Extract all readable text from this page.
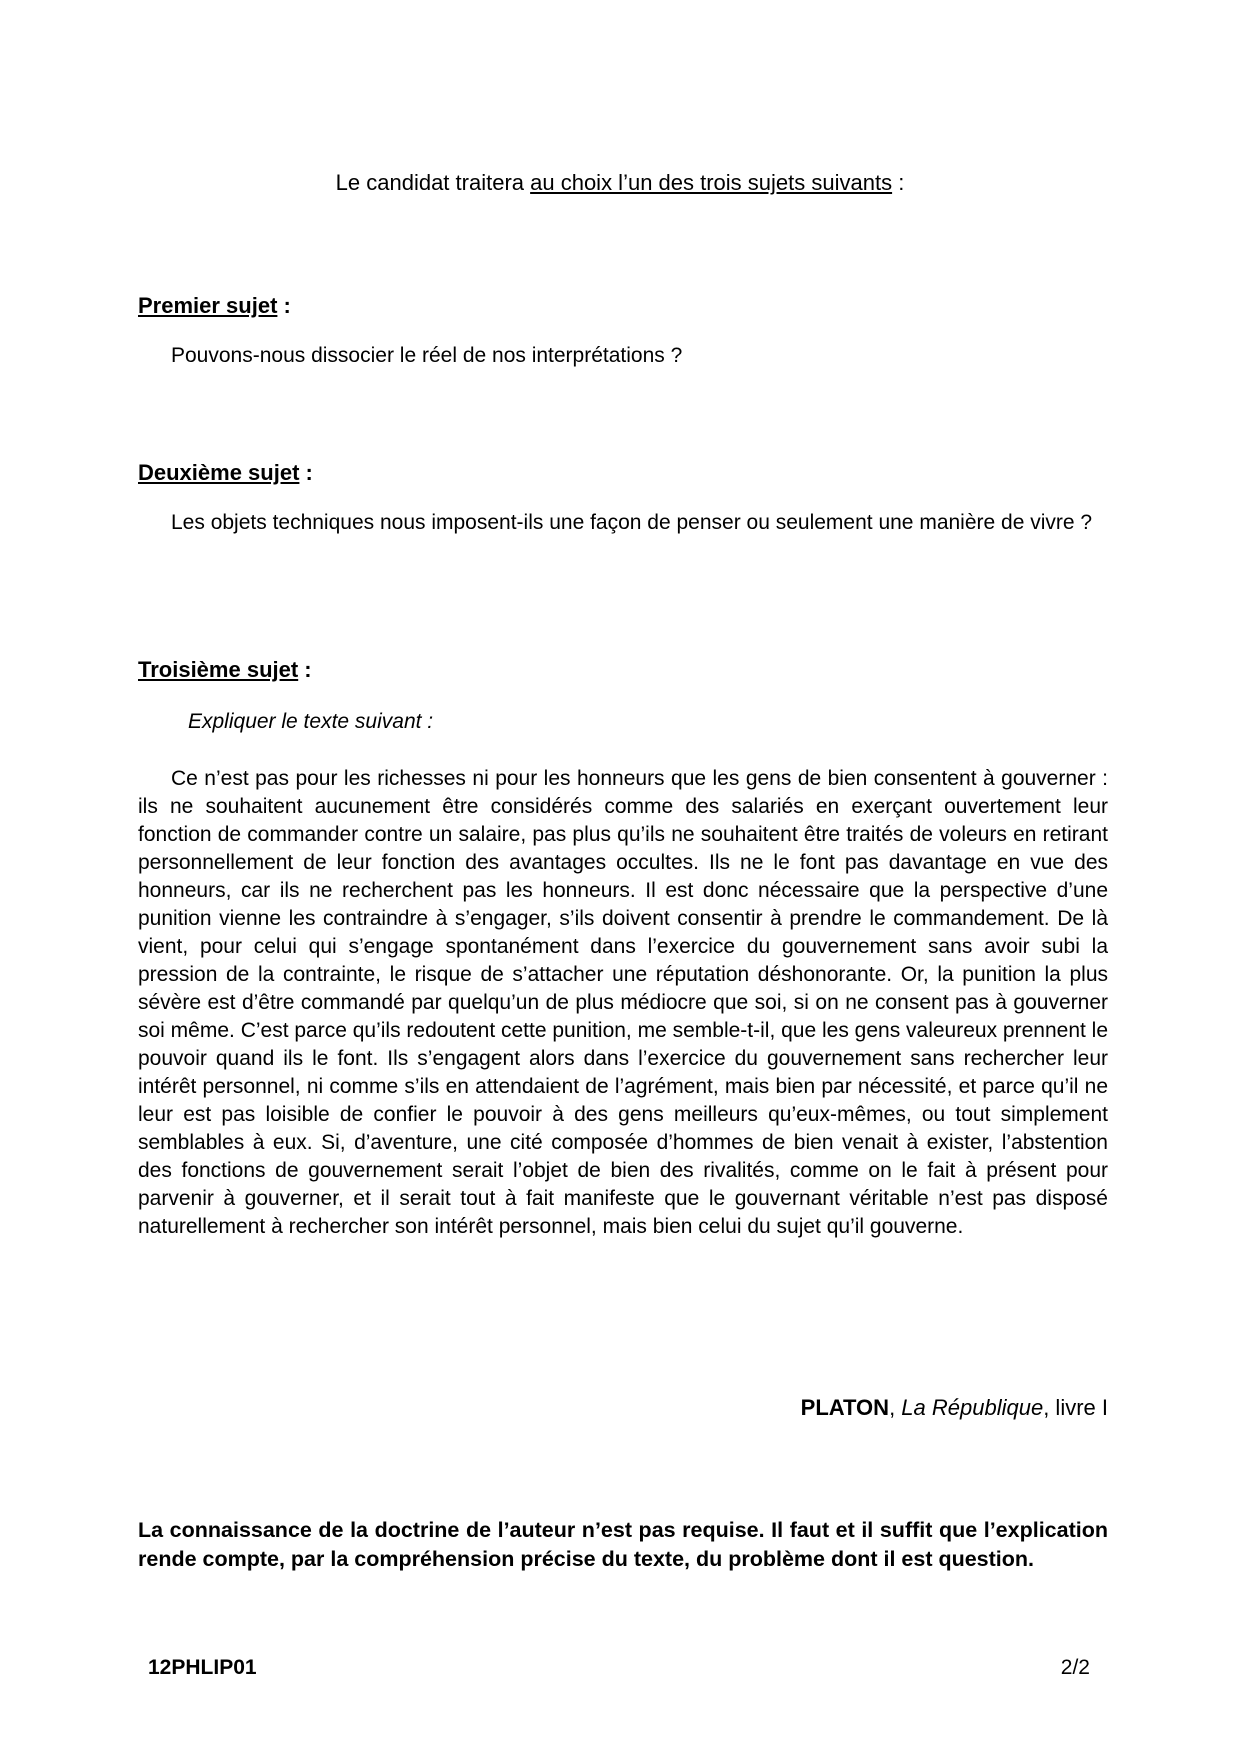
Le candidat traitera au choix l’un des trois sujets suivants :

Premier sujet :

Pouvons-nous dissocier le réel de nos interprétations ?

Deuxième sujet :

Les objets techniques nous imposent-ils une façon de penser ou seulement une manière de vivre ?

Troisième sujet :

Expliquer le texte suivant :

Ce n’est pas pour les richesses ni pour les honneurs que les gens de bien consentent à gouverner : ils ne souhaitent aucunement être considérés comme des salariés en exerçant ouvertement leur fonction de commander contre un salaire, pas plus qu’ils ne souhaitent être traités de voleurs en retirant personnellement de leur fonction des avantages occultes. Ils ne le font pas davantage en vue des honneurs, car ils ne recherchent pas les honneurs. Il est donc nécessaire que la perspective d’une punition vienne les contraindre à s’engager, s’ils doivent consentir à prendre le commandement. De là vient, pour celui qui s’engage spontanément dans l’exercice du gouvernement sans avoir subi la pression de la contrainte, le risque de s’attacher une réputation déshonorante. Or, la punition la plus sévère est d’être commandé par quelqu’un de plus médiocre que soi, si on ne consent pas à gouverner soi même. C’est parce qu’ils redoutent cette punition, me semble-t-il, que les gens valeureux prennent le pouvoir quand ils le font. Ils s’engagent alors dans l’exercice du gouvernement sans rechercher leur intérêt personnel, ni comme s’ils en attendaient de l’agrément, mais bien par nécessité, et parce qu’il ne leur est pas loisible de confier le pouvoir à des gens meilleurs qu’eux-mêmes, ou tout simplement semblables à eux. Si, d’aventure, une cité composée d’hommes de bien venait à exister, l’abstention des fonctions de gouvernement serait l’objet de bien des rivalités, comme on le fait à présent pour parvenir à gouverner, et il serait tout à fait manifeste que le gouvernant véritable n’est pas disposé naturellement à rechercher son intérêt personnel, mais bien celui du sujet qu’il gouverne.

PLATON, La République, livre I

La connaissance de la doctrine de l’auteur n’est pas requise. Il faut et il suffit que l’explication rende compte, par la compréhension précise du texte, du problème dont il est question.

12PHLIP01	2/2
